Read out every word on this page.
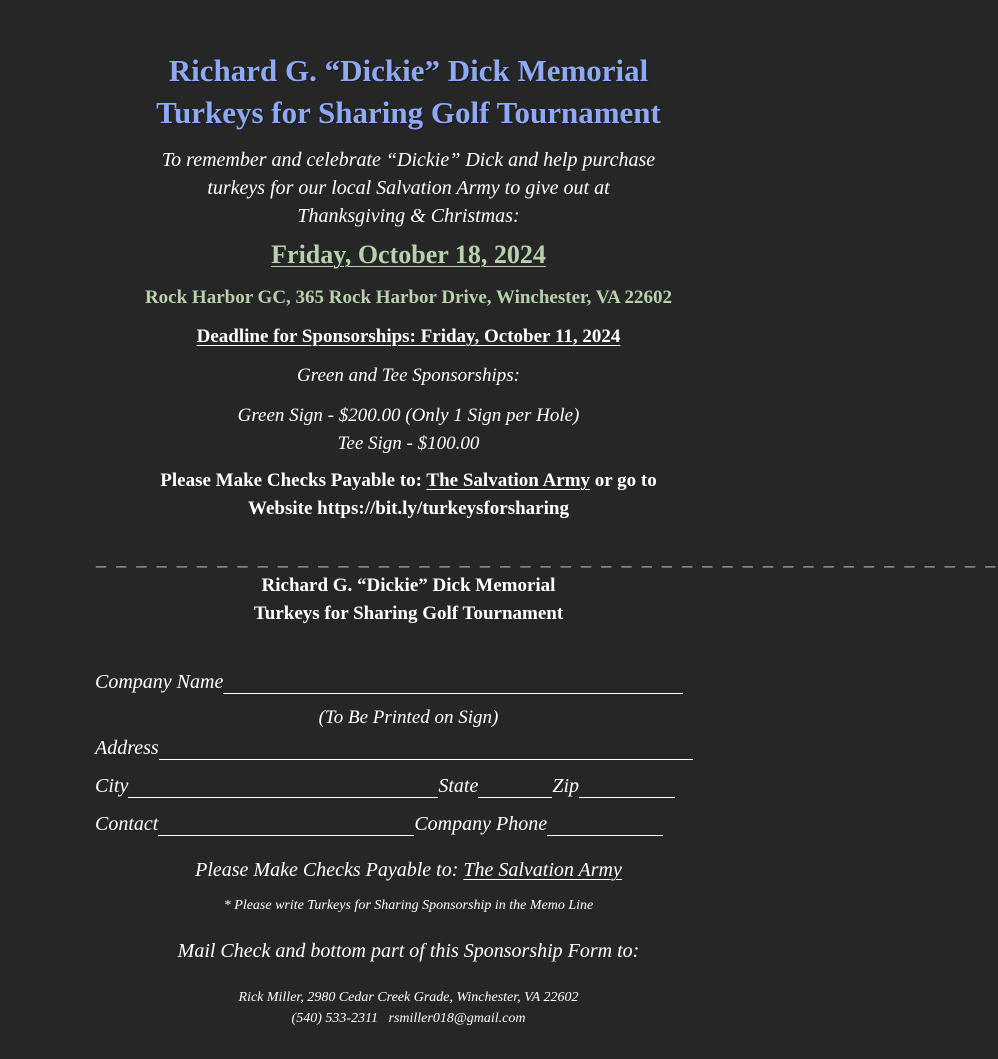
Richard G. “Dickie” Dick Memorial
Turkeys for Sharing Golf Tournament
To remember and celebrate “Dickie” Dick and help purchase
turkeys for our local Salvation Army to give out at
Thanksgiving & Christmas:
Friday, October 18, 2024
Rock Harbor GC, 365 Rock Harbor Drive, Winchester, VA 22602
Deadline for Sponsorships: Friday, October 11, 2024
Green and Tee Sponsorships:
Green Sign - $200.00 (Only 1 Sign per Hole)
Tee Sign - $100.00
Please Make Checks Payable to: The Salvation Army or go to
Website https://bit.ly/turkeysforsharing
_ _ _ _ _ _ _ _ _ _ _ _ _ _ _ _ _ _ _ _ _ _ _ _ _ _ _ _ _ _ _ _ _ _ _ _ _ _ _ _ _ _ _ _ _
Richard G. “Dickie” Dick Memorial
Turkeys for Sharing Golf Tournament
Company Name
(To Be Printed on Sign)
Address
City	State	Zip
Contact	Company Phone
Please Make Checks Payable to: The Salvation Army
* Please write Turkeys for Sharing Sponsorship in the Memo Line
Mail Check and bottom part of this Sponsorship Form to:
Rick Miller, 2980 Cedar Creek Grade, Winchester, VA 22602
(540) 533-2311   rsmiller018@gmail.com
